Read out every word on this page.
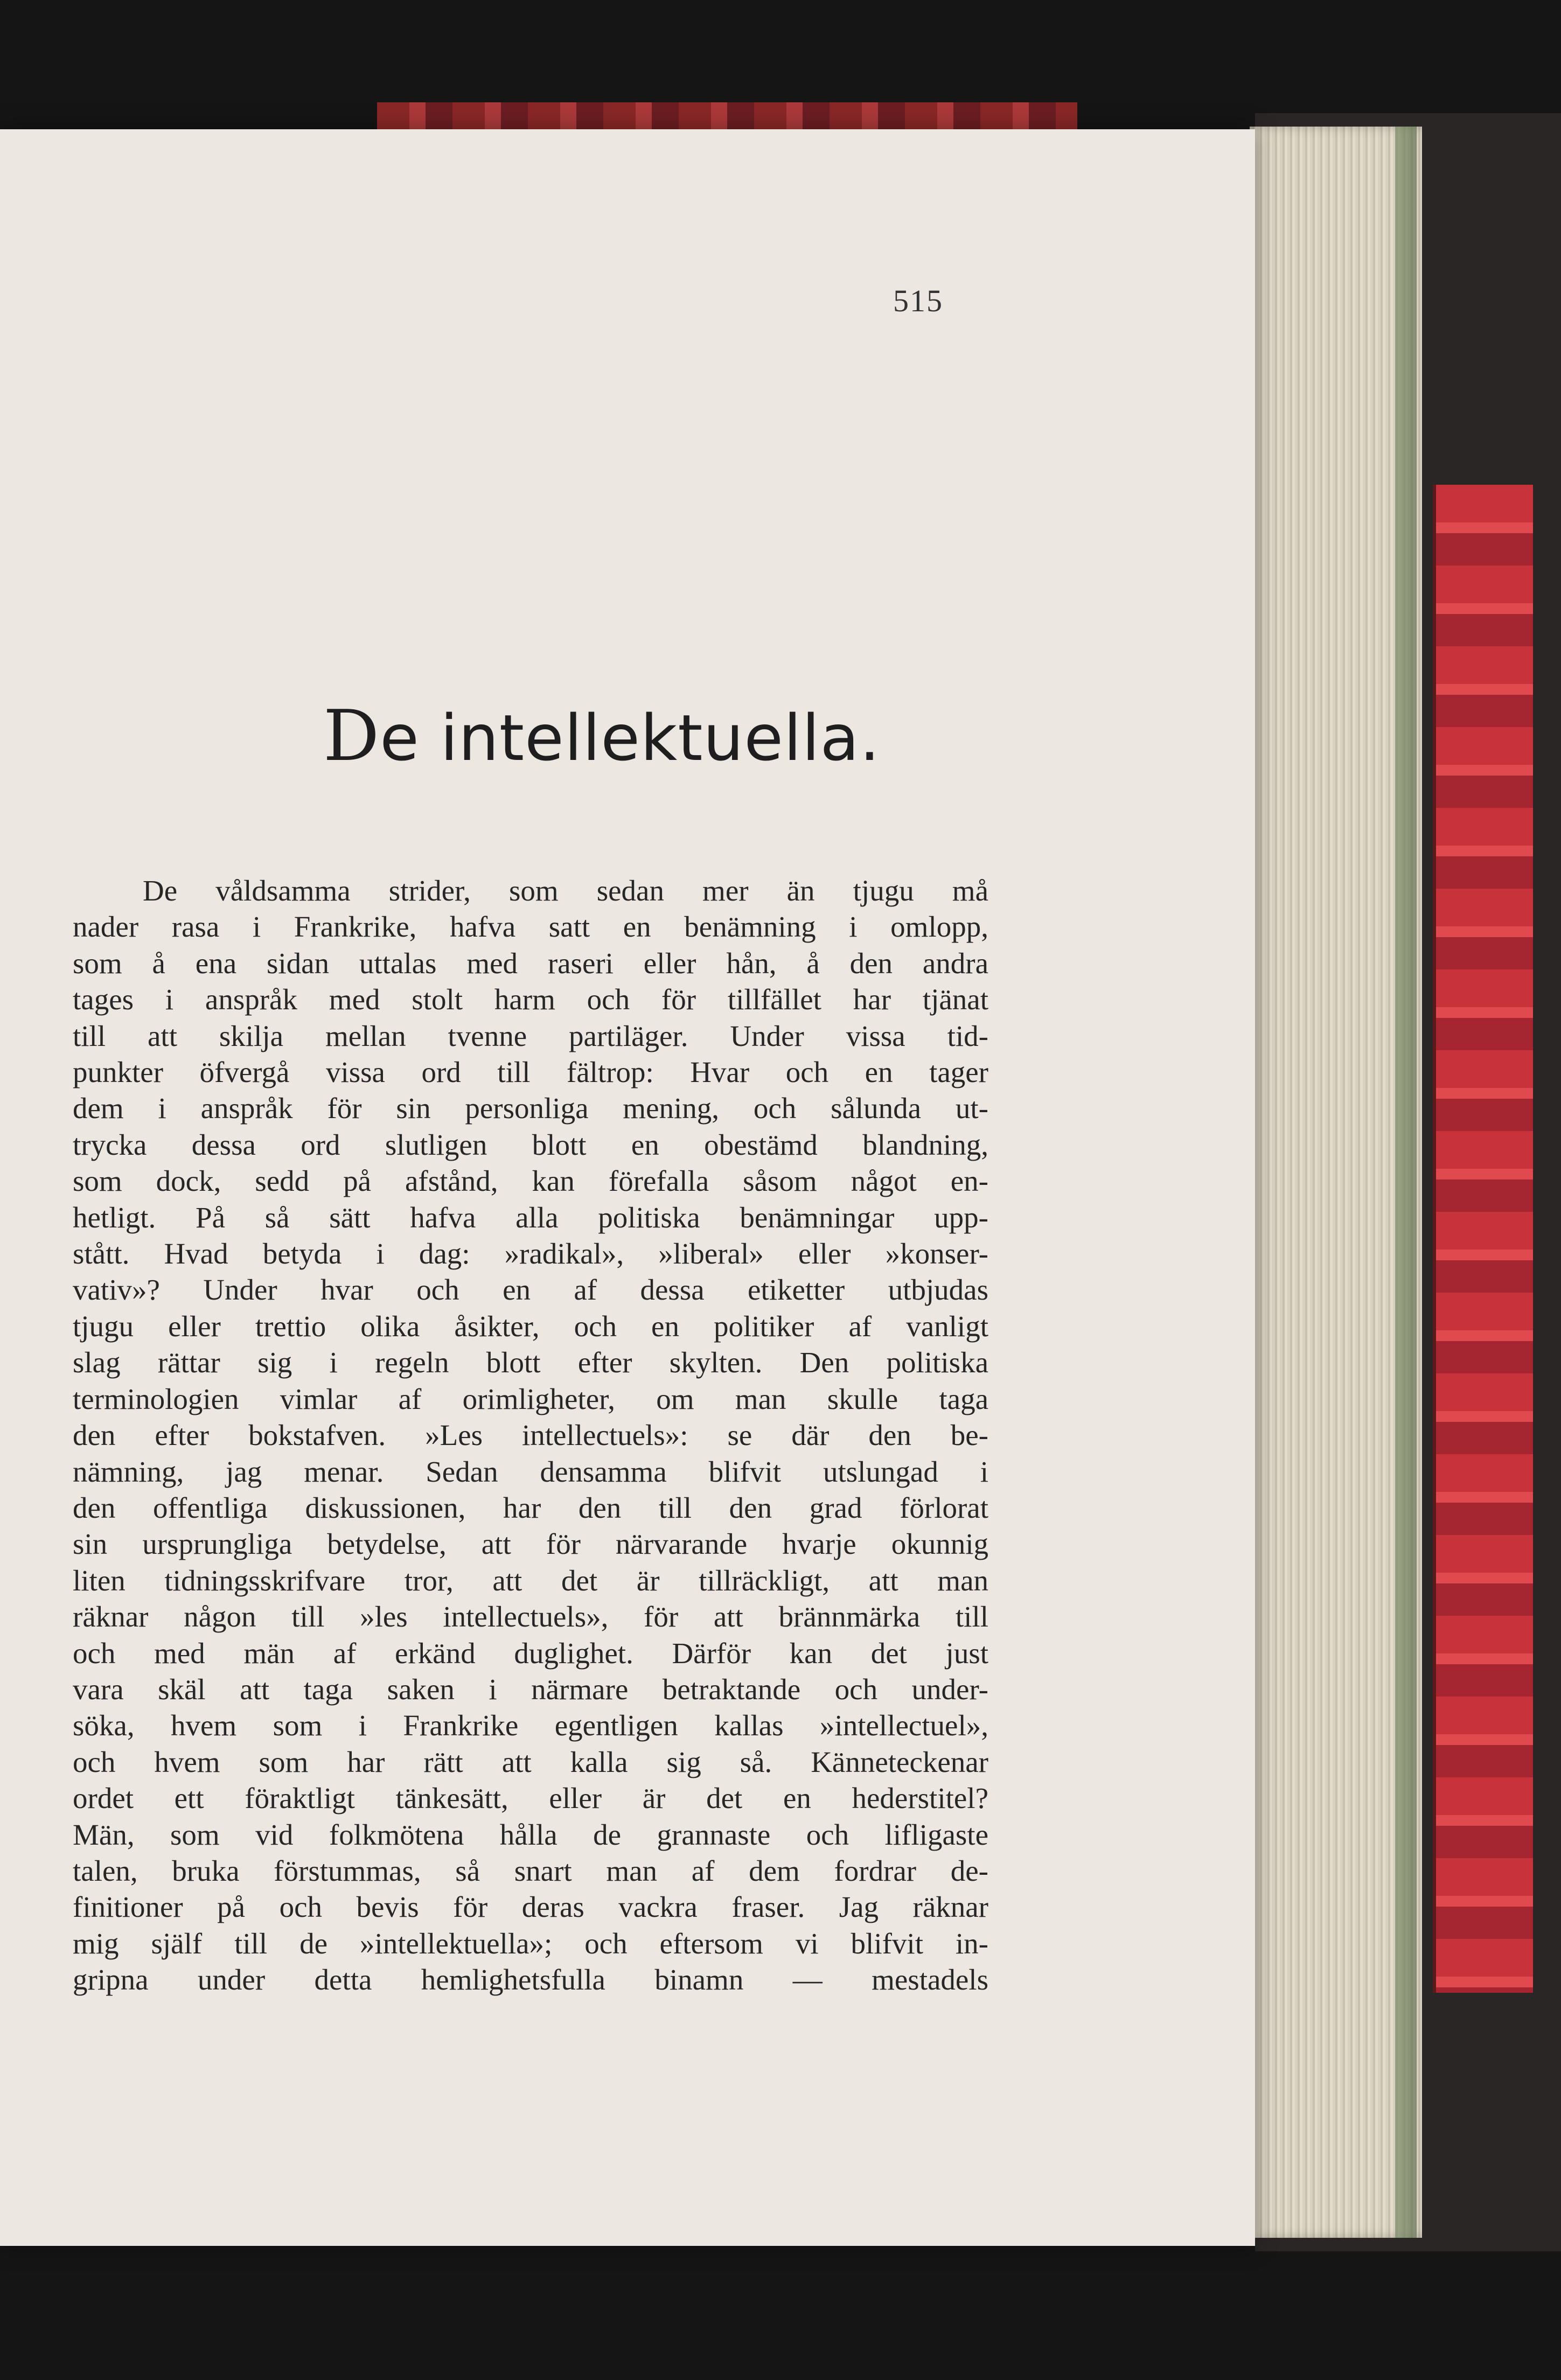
515
De intellektuella.
De våldsamma strider, som sedan mer än tjugu må
nader rasa i Frankrike, hafva satt en benämning i omlopp,
som å ena sidan uttalas med raseri eller hån, å den andra
tages i anspråk med stolt harm och för tillfället har tjänat
till att skilja mellan tvenne partiläger. Under vissa tid-
punkter öfvergå vissa ord till fältrop: Hvar och en tager
dem i anspråk för sin personliga mening, och sålunda ut-
trycka dessa ord slutligen blott en obestämd blandning,
som dock, sedd på afstånd, kan förefalla såsom något en-
hetligt. På så sätt hafva alla politiska benämningar upp-
stått. Hvad betyda i dag: »radikal», »liberal» eller »konser-
vativ»? Under hvar och en af dessa etiketter utbjudas
tjugu eller trettio olika åsikter, och en politiker af vanligt
slag rättar sig i regeln blott efter skylten. Den politiska
terminologien vimlar af orimligheter, om man skulle taga
den efter bokstafven. »Les intellectuels»: se där den be-
nämning, jag menar. Sedan densamma blifvit utslungad i
den offentliga diskussionen, har den till den grad förlorat
sin ursprungliga betydelse, att för närvarande hvarje okunnig
liten tidningsskrifvare tror, att det är tillräckligt, att man
räknar någon till »les intellectuels», för att brännmärka till
och med män af erkänd duglighet. Därför kan det just
vara skäl att taga saken i närmare betraktande och under-
söka, hvem som i Frankrike egentligen kallas »intellectuel»,
och hvem som har rätt att kalla sig så. Känneteckenar
ordet ett föraktligt tänkesätt, eller är det en hederstitel?
Män, som vid folkmötena hålla de grannaste och lifligaste
talen, bruka förstummas, så snart man af dem fordrar de-
finitioner på och bevis för deras vackra fraser. Jag räknar
mig själf till de »intellektuella»; och eftersom vi blifvit in-
gripna under detta hemlighetsfulla binamn — mestadels
